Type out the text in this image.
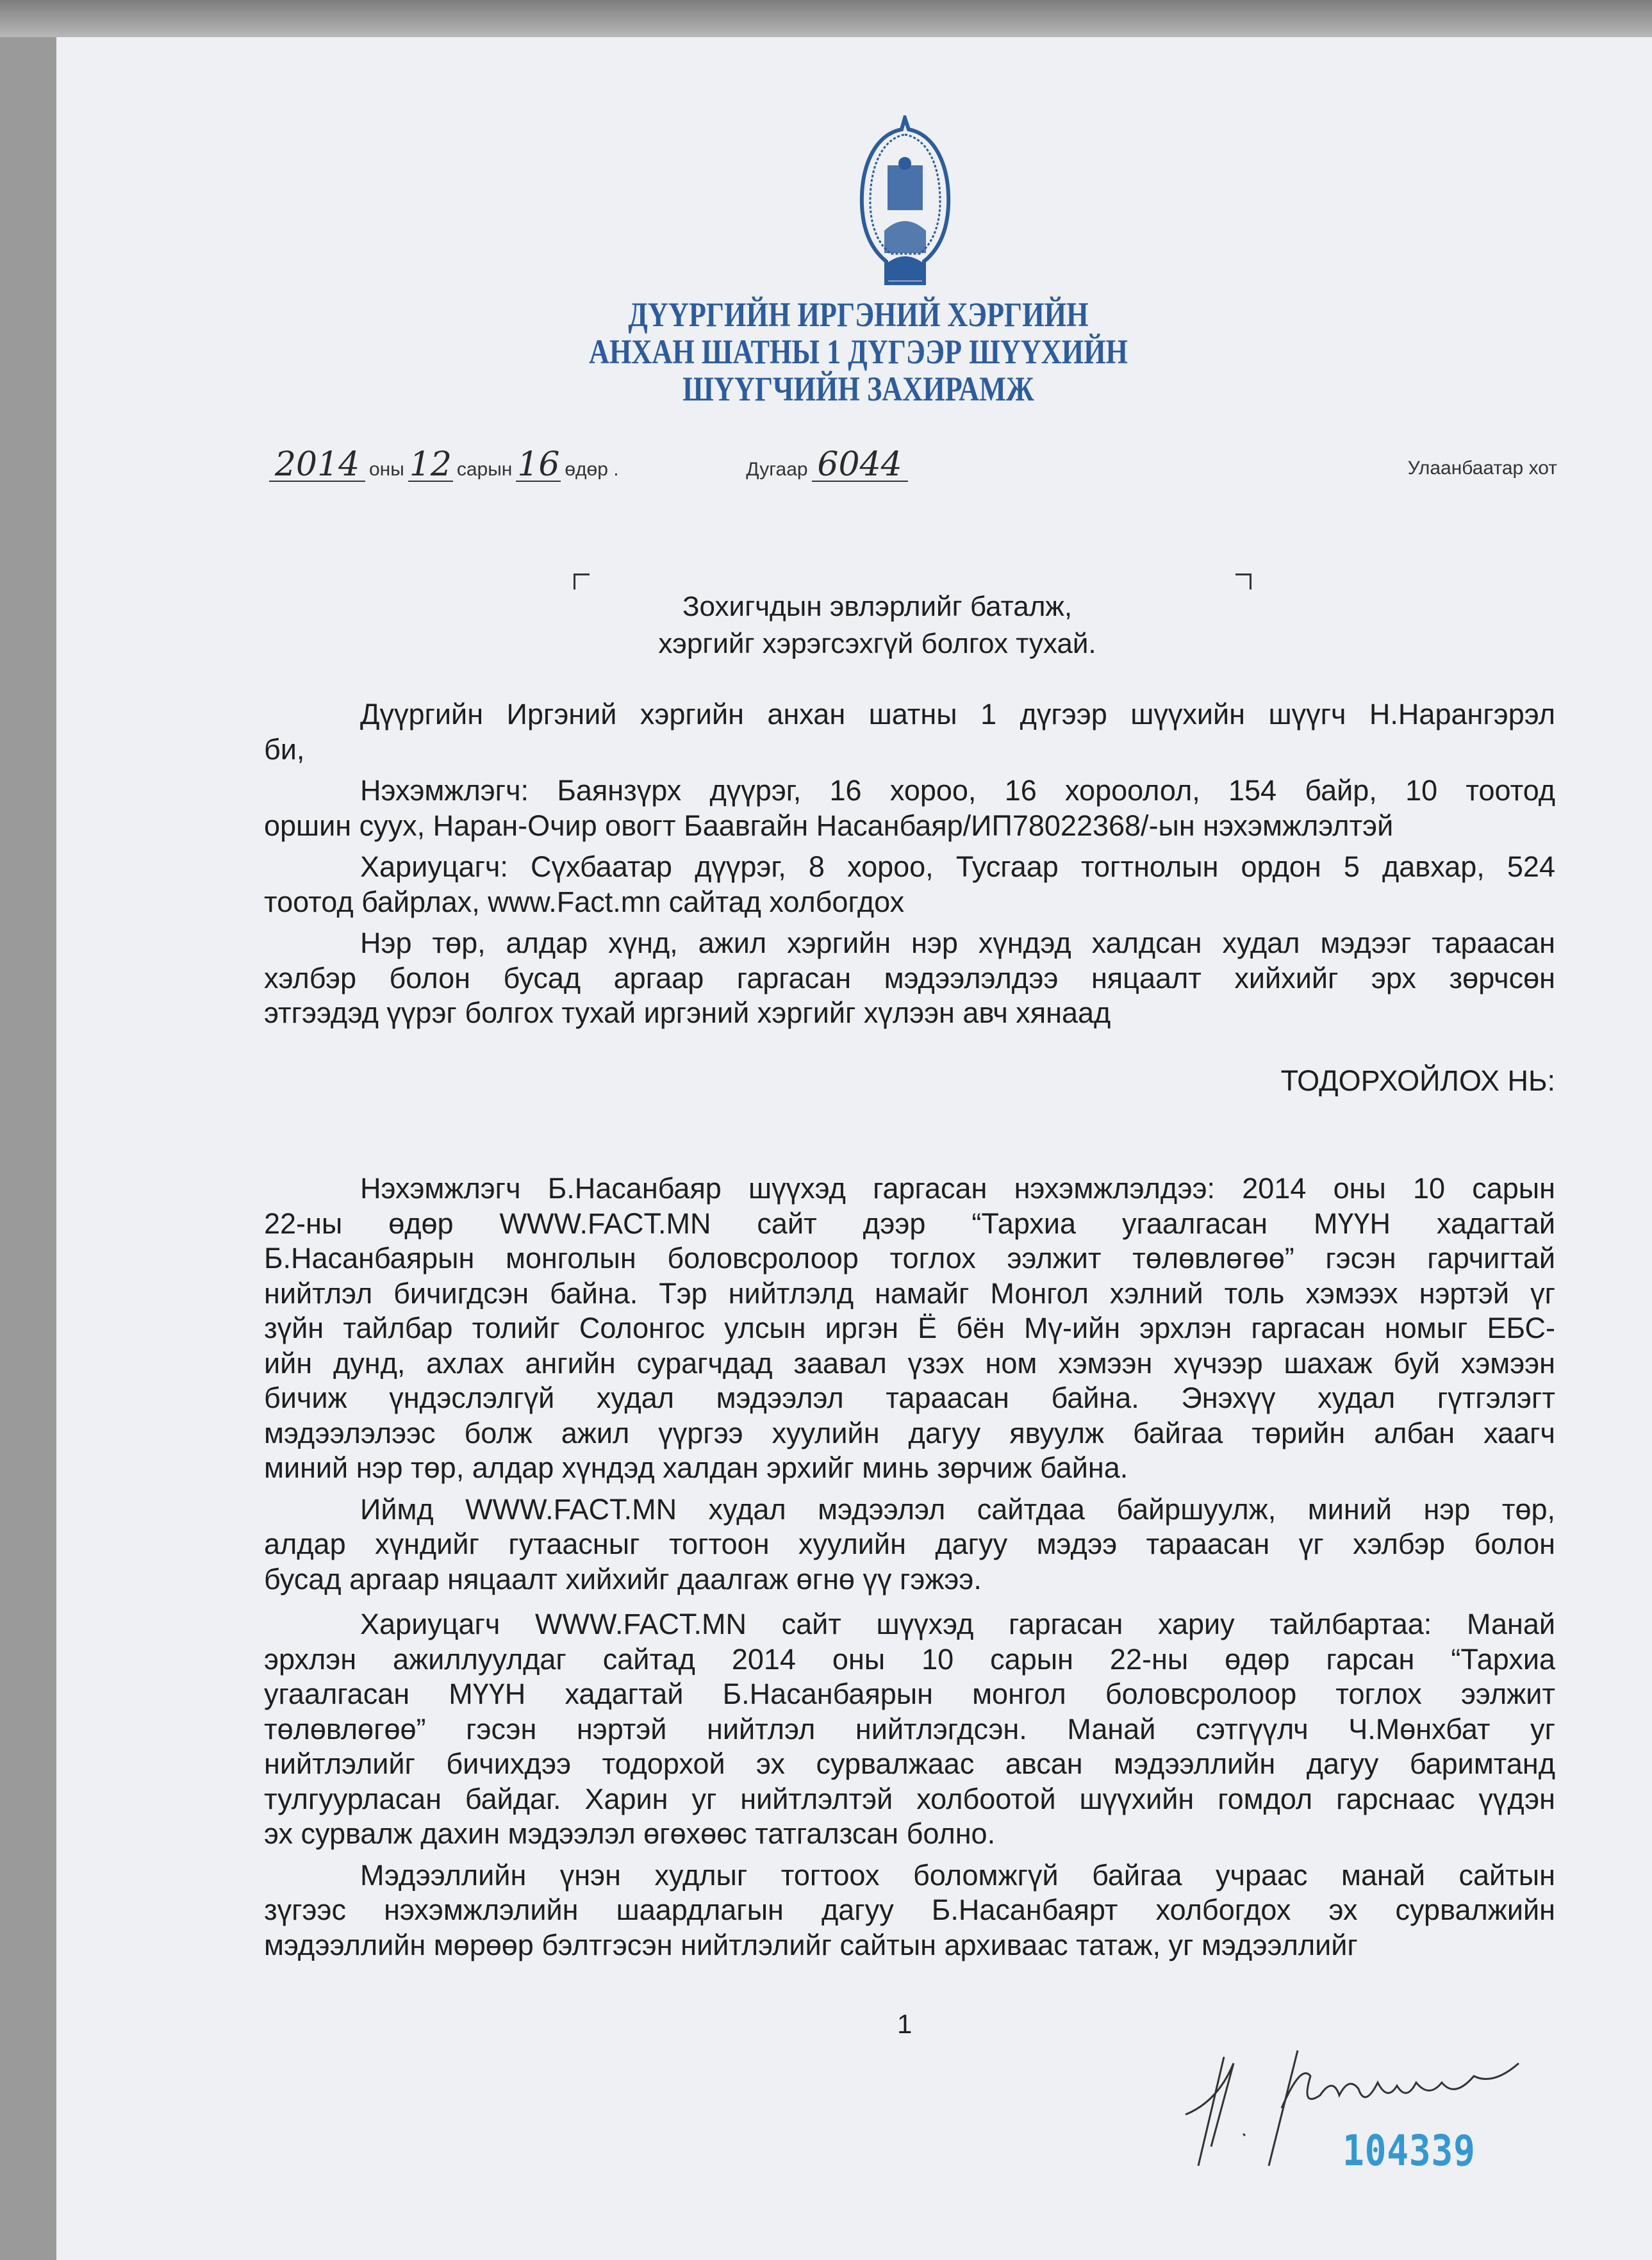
ДҮҮРГИЙН ИРГЭНИЙ ХЭРГИЙН
АНХАН ШАТНЫ 1 ДҮГЭЭР ШҮҮХИЙН
ШҮҮГЧИЙН ЗАХИРАМЖ
2014 оны 12 сарын 16 өдөр .	Дугаар 6044	Улаанбаатар хот
Зохигчдын эвлэрлийг баталж,
хэргийг хэрэгсэхгүй болгох тухай.
Дүүргийн Иргэний хэргийн анхан шатны 1 дүгээр шүүхийн шүүгч Н.Нарангэрэл
би,
Нэхэмжлэгч: Баянзүрх дүүрэг, 16 хороо, 16 хороолол, 154 байр, 10 тоотод
оршин суух, Наран-Очир овогт Баавгайн Насанбаяр/ИП78022368/-ын нэхэмжлэлтэй
Хариуцагч: Сүхбаатар дүүрэг, 8 хороо, Тусгаар тогтнолын ордон 5 давхар, 524
тоотод байрлах, www.Fact.mn сайтад холбогдох
Нэр төр, алдар хүнд, ажил хэргийн нэр хүндэд халдсан худал мэдээг тараасан
хэлбэр болон бусад аргаар гаргасан мэдээлэлдээ няцаалт хийхийг эрх зөрчсөн
этгээдэд үүрэг болгох тухай иргэний хэргийг хүлээн авч хянаад
ТОДОРХОЙЛОХ НЬ:
Нэхэмжлэгч Б.Насанбаяр шүүхэд гаргасан нэхэмжлэлдээ: 2014 оны 10 сарын
22-ны өдөр WWW.FACT.MN сайт дээр “Тархиа угаалгасан МҮҮН хадагтай
Б.Насанбаярын монголын боловсролоор тоглох ээлжит төлөвлөгөө” гэсэн гарчигтай
нийтлэл бичигдсэн байна. Тэр нийтлэлд намайг Монгол хэлний толь хэмээх нэртэй үг
зүйн тайлбар толийг Солонгос улсын иргэн Ё бён Мү-ийн эрхлэн гаргасан номыг ЕБС-
ийн дунд, ахлах ангийн сурагчдад заавал үзэх ном хэмээн хүчээр шахаж буй хэмээн
бичиж үндэслэлгүй худал мэдээлэл тараасан байна. Энэхүү худал гүтгэлэгт
мэдээлэлээс болж ажил үүргээ хуулийн дагуу явуулж байгаа төрийн албан хаагч
миний нэр төр, алдар хүндэд халдан эрхийг минь зөрчиж байна.
Иймд WWW.FACT.MN худал мэдээлэл сайтдаа байршуулж, миний нэр төр,
алдар хүндийг гутаасныг тогтоон хуулийн дагуу мэдээ тараасан үг хэлбэр болон
бусад аргаар няцаалт хийхийг даалгаж өгнө үү гэжээ.
Хариуцагч WWW.FACT.MN сайт шүүхэд гаргасан хариу тайлбартаа: Манай
эрхлэн ажиллуулдаг сайтад 2014 оны 10 сарын 22-ны өдөр гарсан “Тархиа
угаалгасан МҮҮН хадагтай Б.Насанбаярын монгол боловсролоор тоглох ээлжит
төлөвлөгөө” гэсэн нэртэй нийтлэл нийтлэгдсэн. Манай сэтгүүлч Ч.Мөнхбат уг
нийтлэлийг бичихдээ тодорхой эх сурвалжаас авсан мэдээллийн дагуу баримтанд
тулгуурласан байдаг. Харин уг нийтлэлтэй холбоотой шүүхийн гомдол гарснаас үүдэн
эх сурвалж дахин мэдээлэл өгөхөөс татгалзсан болно.
Мэдээллийн үнэн худлыг тогтоох боломжгүй байгаа учраас манай сайтын
зүгээс нэхэмжлэлийн шаардлагын дагуу Б.Насанбаярт холбогдох эх сурвалжийн
мэдээллийн мөрөөр бэлтгэсэн нийтлэлийг сайтын архиваас татаж, уг мэдээллийг
1
104339
